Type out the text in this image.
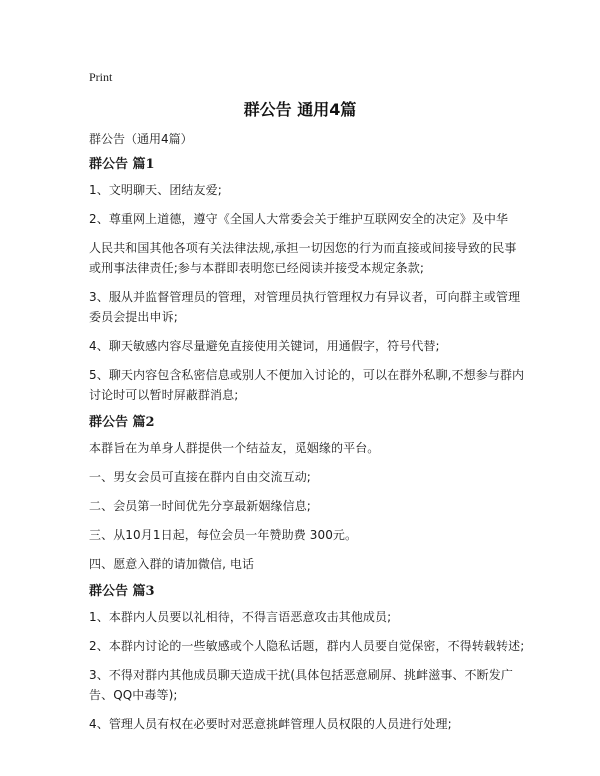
Print
群公告 通用4篇
群公告（通用4篇）
群公告 篇1

1、文明聊天、团结友爱;

2、尊重网上道德，遵守《全国人大常委会关于维护互联网安全的决定》及中华

人民共和国其他各项有关法律法规,承担一切因您的行为而直接或间接导致的民事或刑事法律责任;参与本群即表明您已经阅读并接受本规定条款;

3、服从并监督管理员的管理，对管理员执行管理权力有异议者，可向群主或管理委员会提出申诉;

4、聊天敏感内容尽量避免直接使用关键词，用通假字，符号代替;

5、聊天内容包含私密信息或别人不便加入讨论的，可以在群外私聊,不想参与群内讨论时可以暂时屏蔽群消息;

群公告 篇2

本群旨在为单身人群提供一个结益友，觅姻缘的平台。

一、男女会员可直接在群内自由交流互动;

二、会员第一时间优先分享最新姻缘信息;

三、从10月1日起，每位会员一年赞助费 300元。

四、愿意入群的请加微信, 电话

群公告 篇3

1、本群内人员要以礼相待，不得言语恶意攻击其他成员;

2、本群内讨论的一些敏感或个人隐私话题，群内人员要自觉保密，不得转载转述;

3、不得对群内其他成员聊天造成干扰(具体包括恶意刷屏、挑衅滋事、不断发广告、QQ中毒等);

4、管理人员有权在必要时对恶意挑衅管理人员权限的人员进行处理;
